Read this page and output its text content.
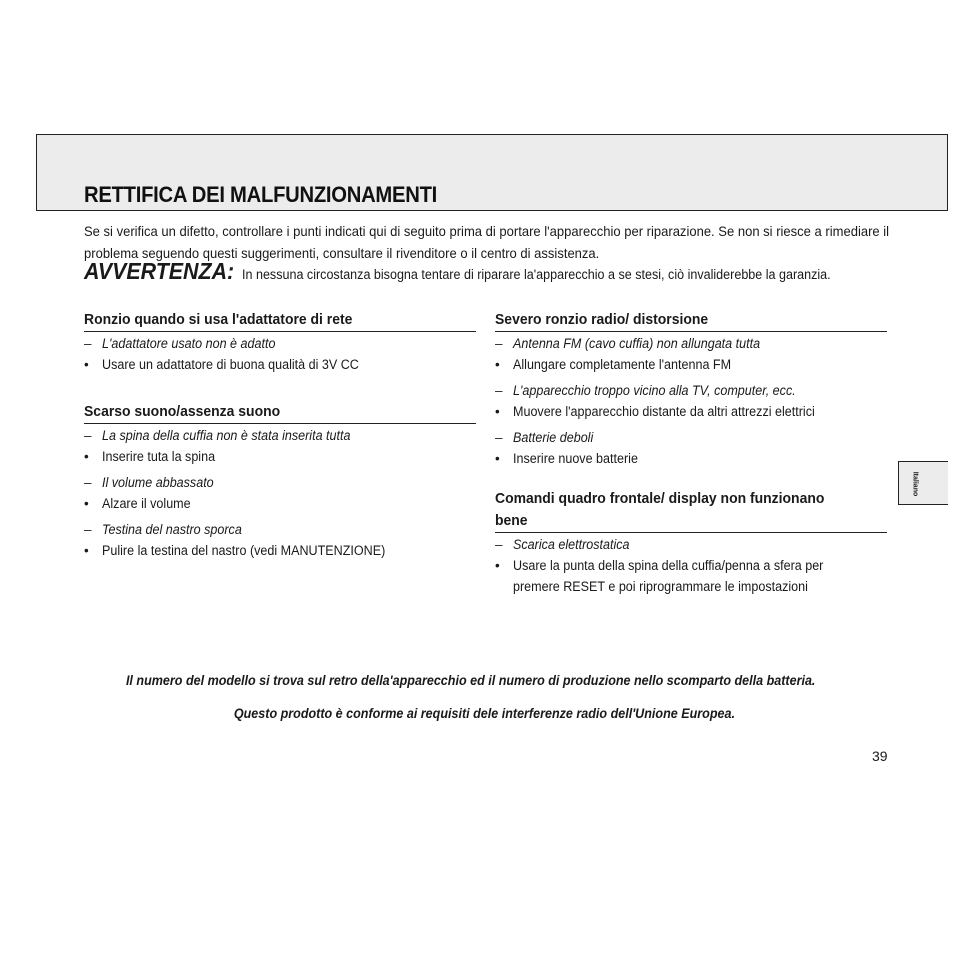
RETTIFICA DEI MALFUNZIONAMENTI

Se si verifica un difetto, controllare i punti indicati qui di seguito prima di portare l'apparecchio per riparazione. Se non si riesce a rimediare il problema seguendo questi suggerimenti, consultare il rivenditore o il centro di assistenza.

AVVERTENZA: In nessuna circostanza bisogna tentare di riparare la'apparecchio a se stesi, ciò invaliderebbe la garanzia.
Ronzio quando si usa l'adattatore di rete
– L'adattatore usato non è adatto
• Usare un adattatore di buona qualità di 3V CC
Scarso suono/assenza suono
– La spina della cuffia non è stata inserita tutta
• Inserire tuta la spina
– Il volume abbassato
• Alzare il volume
– Testina del nastro sporca
• Pulire la testina del nastro (vedi MANUTENZIONE)
Severo ronzio radio/ distorsione
– Antenna FM (cavo cuffia) non allungata tutta
• Allungare completamente l'antenna FM
– L'apparecchio troppo vicino alla TV, computer, ecc.
• Muovere l'apparecchio distante da altri attrezzi elettrici
– Batterie deboli
• Inserire nuove batterie
Comandi quadro frontale/ display non funzionano
bene
– Scarica elettrostatica
• Usare la punta della spina della cuffia/penna a sfera per
premere RESET e poi riprogrammare le impostazioni
Il numero del modello si trova sul retro della'apparecchio ed il numero di produzione nello scomparto della batteria.
Questo prodotto è conforme ai requisiti dele interferenze radio dell'Unione Europea.
39
Italiano
